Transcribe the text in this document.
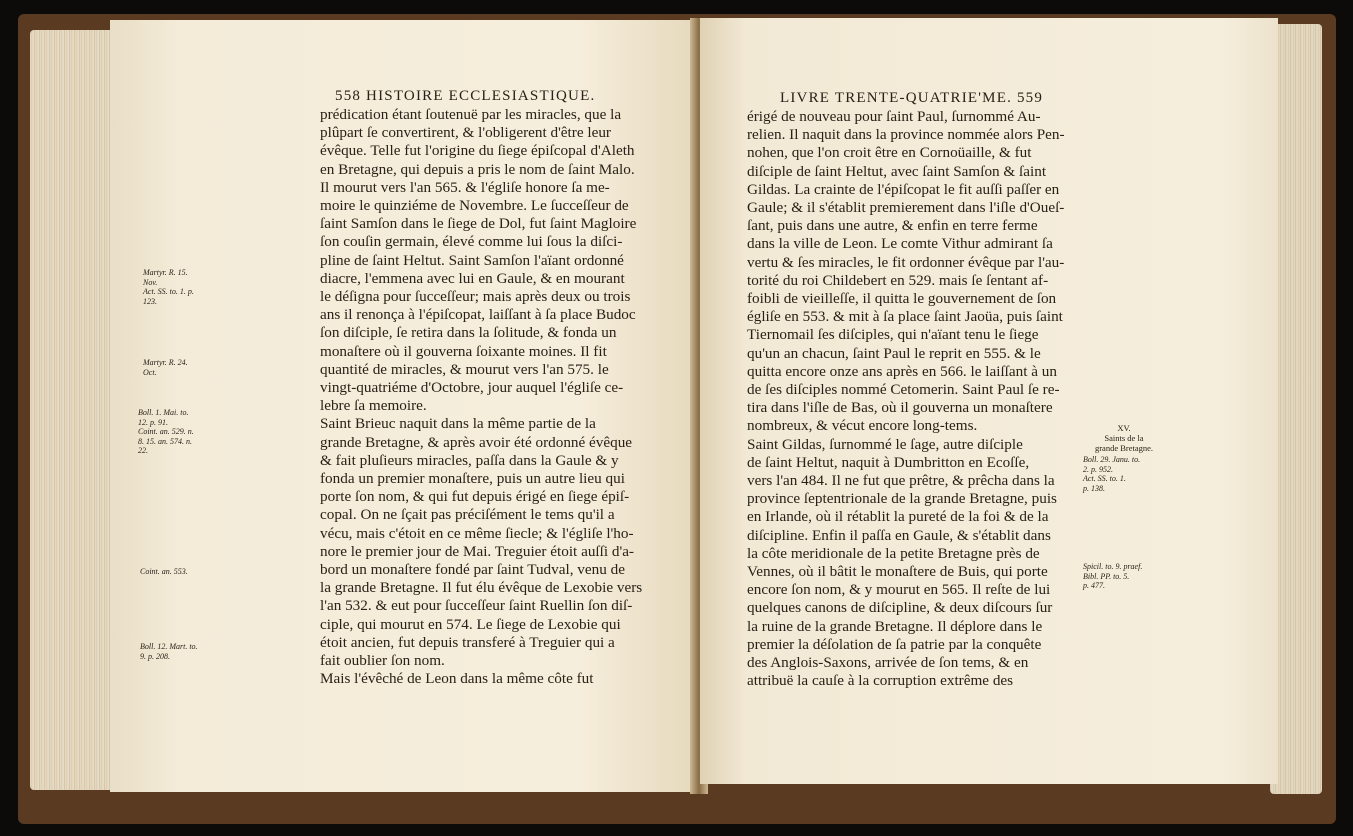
558 HISTOIRE ECCLESIASTIQUE.
prédication étant ſoutenuë par les miracles, que la
plûpart ſe convertirent, & l'obligerent d'être leur
évêque. Telle fut l'origine du ſiege épiſcopal d'Aleth
en Bretagne, qui depuis a pris le nom de ſaint Malo.
Il mourut vers l'an 565. & l'égliſe honore ſa me-
moire le quinziéme de Novembre. Le ſucceſſeur de
ſaint Samſon dans le ſiege de Dol, fut ſaint Magloire
ſon couſin germain, élevé comme lui ſous la diſci-
pline de ſaint Heltut. Saint Samſon l'aïant ordonné
diacre, l'emmena avec lui en Gaule, & en mourant
le déſigna pour ſucceſſeur; mais après deux ou trois
ans il renonça à l'épiſcopat, laiſſant à ſa place Budoc
ſon diſciple, ſe retira dans la ſolitude, & fonda un
monaſtere où il gouverna ſoixante moines. Il fit
quantité de miracles, & mourut vers l'an 575. le
vingt-quatriéme d'Octobre, jour auquel l'égliſe ce-
lebre ſa memoire.
Saint Brieuc naquit dans la même partie de la
grande Bretagne, & après avoir été ordonné évêque
& fait pluſieurs miracles, paſſa dans la Gaule & y
fonda un premier monaſtere, puis un autre lieu qui
porte ſon nom, & qui fut depuis érigé en ſiege épiſ-
copal. On ne ſçait pas préciſément le tems qu'il a
vécu, mais c'étoit en ce même ſiecle; & l'égliſe l'ho-
nore le premier jour de Mai. Treguier étoit auſſi d'a-
bord un monaſtere fondé par ſaint Tudval, venu de
la grande Bretagne. Il fut élu évêque de Lexobie vers
l'an 532. & eut pour ſucceſſeur ſaint Ruellin ſon diſ-
ciple, qui mourut en 574. Le ſiege de Lexobie qui
étoit ancien, fut depuis transferé à Treguier qui a
fait oublier ſon nom.
Mais l'évêché de Leon dans la même côte fut
Martyr. R. 15.
Nov.
Act. SS. to. 1. p.
123.
Martyr. R. 24.
Oct.
Boll. 1. Mai. to.
12. p. 91.
Coint. an. 529. n.
8. 15. an. 574. n.
22.
Coint. an. 553.
Boll. 12. Mart. to.
9. p. 208.
LIVRE TRENTE-QUATRIE'ME. 559
érigé de nouveau pour ſaint Paul, ſurnommé Au-
relien. Il naquit dans la province nommée alors Pen-
nohen, que l'on croit être en Cornoüaille, & fut
diſciple de ſaint Heltut, avec ſaint Samſon & ſaint
Gildas. La crainte de l'épiſcopat le fit auſſi paſſer en
Gaule; & il s'établit premierement dans l'iſle d'Oueſ-
ſant, puis dans une autre, & enfin en terre ferme
dans la ville de Leon. Le comte Vithur admirant ſa
vertu & ſes miracles, le fit ordonner évêque par l'au-
torité du roi Childebert en 529. mais ſe ſentant af-
foibli de vieilleſſe, il quitta le gouvernement de ſon
égliſe en 553. & mit à ſa place ſaint Jaoüa, puis ſaint
Tiernomail ſes diſciples, qui n'aïant tenu le ſiege
qu'un an chacun, ſaint Paul le reprit en 555. & le
quitta encore onze ans après en 566. le laiſſant à un
de ſes diſciples nommé Cetomerin. Saint Paul ſe re-
tira dans l'iſle de Bas, où il gouverna un monaſtere
nombreux, & vécut encore long-tems.
Saint Gildas, ſurnommé le ſage, autre diſciple
de ſaint Heltut, naquit à Dumbritton en Ecoſſe,
vers l'an 484. Il ne fut que prêtre, & prêcha dans la
province ſeptentrionale de la grande Bretagne, puis
en Irlande, où il rétablit la pureté de la foi & de la
diſcipline. Enfin il paſſa en Gaule, & s'établit dans
la côte meridionale de la petite Bretagne près de
Vennes, où il bâtit le monaſtere de Buis, qui porte
encore ſon nom, & y mourut en 565. Il reſte de lui
quelques canons de diſcipline, & deux diſcours ſur
la ruine de la grande Bretagne. Il déplore dans le
premier la déſolation de ſa patrie par la conquête
des Anglois-Saxons, arrivée de ſon tems, & en
attribuë la cauſe à la corruption extrême des
XV.
Saints de la
grande Bretagne.
Boll. 29. Janu. to.
2. p. 952.
Act. SS. to. 1.
p. 138.
Spicil. to. 9. praef.
Bibl. PP. to. 5.
p. 477.
